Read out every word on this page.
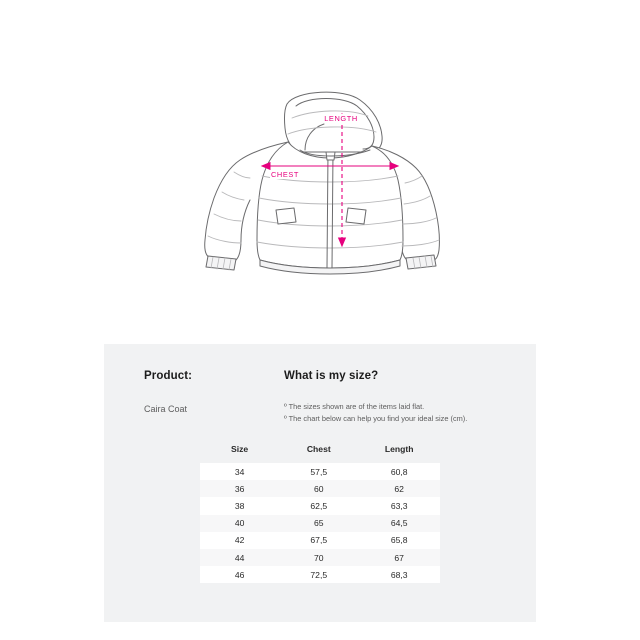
CHEST
LENGTH
Product:
Caira Coat
What is my size?
º The sizes shown are of the items laid flat.
º The chart below can help you find your ideal size (cm).
Size	Chest	Length
34	57,5	60,8
36	60	62
38	62,5	63,3
40	65	64,5
42	67,5	65,8
44	70	67
46	72,5	68,3
